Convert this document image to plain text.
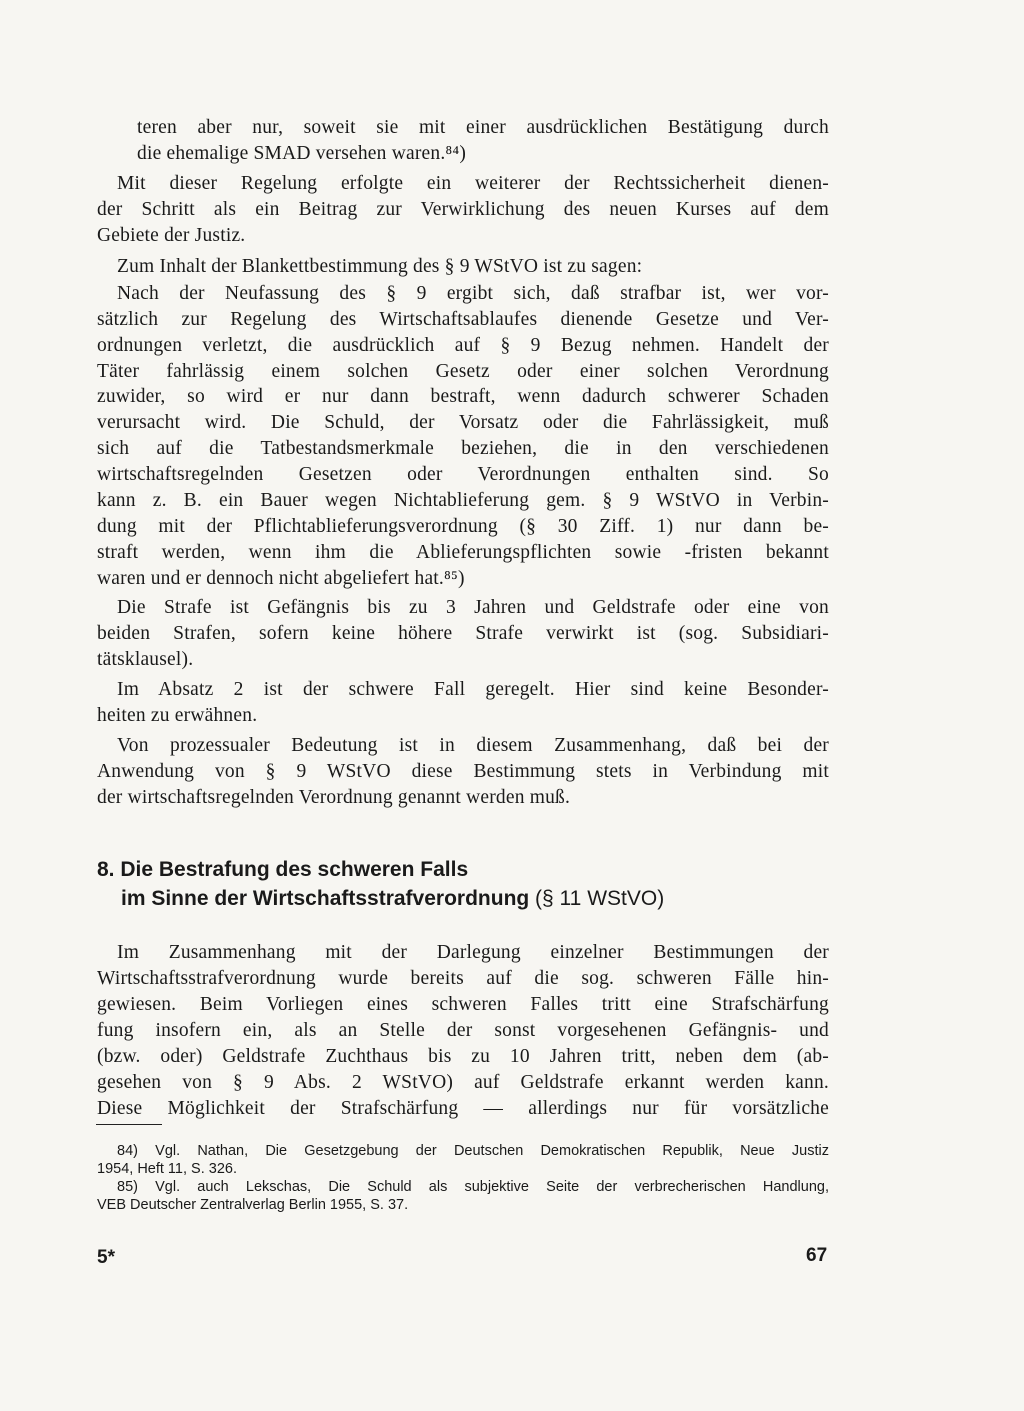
teren aber nur, soweit sie mit einer ausdrücklichen Bestätigung durch
die ehemalige SMAD versehen waren.⁸⁴)
Mit dieser Regelung erfolgte ein weiterer der Rechtssicherheit dienen-
der Schritt als ein Beitrag zur Verwirklichung des neuen Kurses auf dem
Gebiete der Justiz.
Zum Inhalt der Blankettbestimmung des § 9 WStVO ist zu sagen:
Nach der Neufassung des § 9 ergibt sich, daß strafbar ist, wer vor-
sätzlich zur Regelung des Wirtschaftsablaufes dienende Gesetze und Ver-
ordnungen verletzt, die ausdrücklich auf § 9 Bezug nehmen. Handelt der
Täter fahrlässig einem solchen Gesetz oder einer solchen Verordnung
zuwider, so wird er nur dann bestraft, wenn dadurch schwerer Schaden
verursacht wird. Die Schuld, der Vorsatz oder die Fahrlässigkeit, muß
sich auf die Tatbestandsmerkmale beziehen, die in den verschiedenen
wirtschaftsregelnden Gesetzen oder Verordnungen enthalten sind. So
kann z. B. ein Bauer wegen Nichtablieferung gem. § 9 WStVO in Verbin-
dung mit der Pflichtablieferungsverordnung (§ 30 Ziff. 1) nur dann be-
straft werden, wenn ihm die Ablieferungspflichten sowie -fristen bekannt
waren und er dennoch nicht abgeliefert hat.⁸⁵)
Die Strafe ist Gefängnis bis zu 3 Jahren und Geldstrafe oder eine von
beiden Strafen, sofern keine höhere Strafe verwirkt ist (sog. Subsidiari-
tätsklausel).
Im Absatz 2 ist der schwere Fall geregelt. Hier sind keine Besonder-
heiten zu erwähnen.
Von prozessualer Bedeutung ist in diesem Zusammenhang, daß bei der
Anwendung von § 9 WStVO diese Bestimmung stets in Verbindung mit
der wirtschaftsregelnden Verordnung genannt werden muß.
8. Die Bestrafung des schweren Falls
im Sinne der Wirtschaftsstrafverordnung (§ 11 WStVO)
Im Zusammenhang mit der Darlegung einzelner Bestimmungen der
Wirtschaftsstrafverordnung wurde bereits auf die sog. schweren Fälle hin-
gewiesen. Beim Vorliegen eines schweren Falles tritt eine Strafschärfung
fung insofern ein, als an Stelle der sonst vorgesehenen Gefängnis- und
(bzw. oder) Geldstrafe Zuchthaus bis zu 10 Jahren tritt, neben dem (ab-
gesehen von § 9 Abs. 2 WStVO) auf Geldstrafe erkannt werden kann.
Diese Möglichkeit der Strafschärfung — allerdings nur für vorsätzliche
84) Vgl. Nathan, Die Gesetzgebung der Deutschen Demokratischen Republik, Neue Justiz
1954, Heft 11, S. 326.
85) Vgl. auch Lekschas, Die Schuld als subjektive Seite der verbrecherischen Handlung,
VEB Deutscher Zentralverlag Berlin 1955, S. 37.
5*	67
